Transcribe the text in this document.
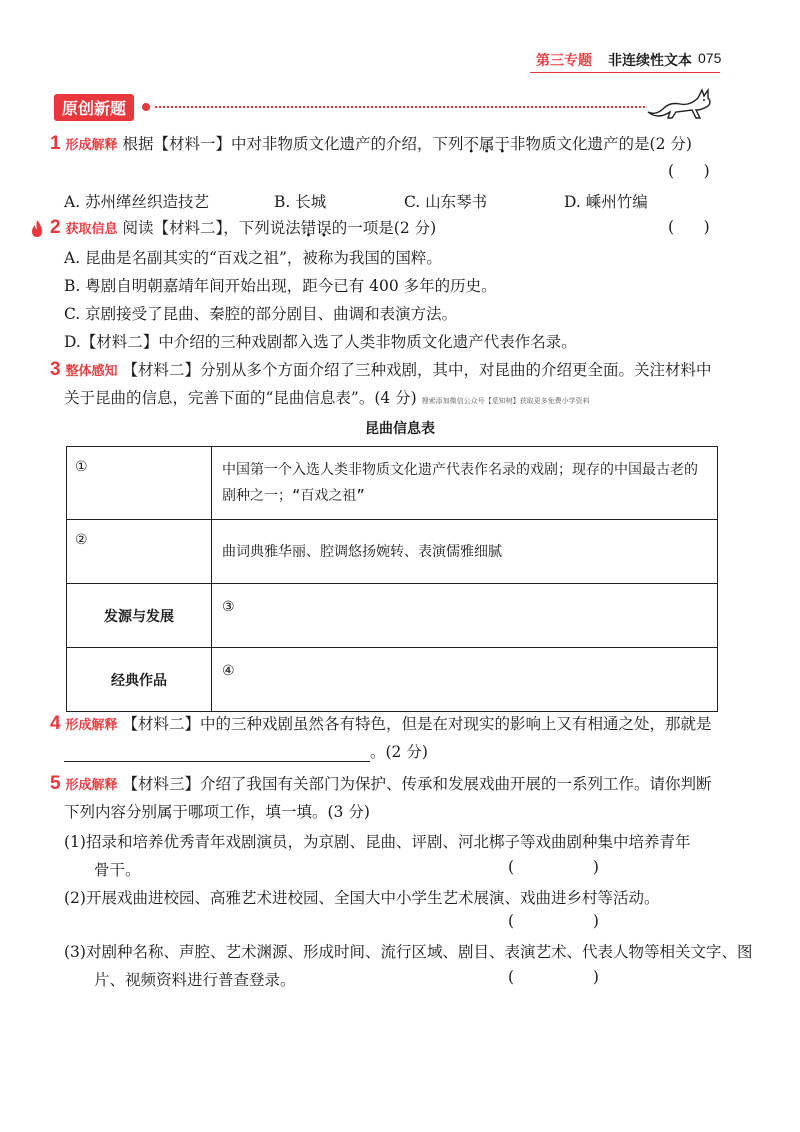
第三专题 非连续性文本 075
原创新题
1 形成解释 根据【材料一】中对非物质文化遗产的介绍，下列不属于非物质文化遗产的是(2 分)
(      )
A. 苏州缂丝织造技艺	B. 长城	C. 山东琴书	D. 嵊州竹编
2 获取信息 阅读【材料二】，下列说法错误的一项是(2 分)	(      )
A. 昆曲是名副其实的“百戏之祖”，被称为我国的国粹。
B. 粤剧自明朝嘉靖年间开始出现，距今已有 400 多年的历史。
C. 京剧接受了昆曲、秦腔的部分剧目、曲调和表演方法。
D.【材料二】中介绍的三种戏剧都入选了人类非物质文化遗产代表作名录。
3 整体感知 【材料二】分别从多个方面介绍了三种戏剧，其中，对昆曲的介绍更全面。关注材料中
关于昆曲的信息，完善下面的“昆曲信息表”。(4 分) 搜索添加微信公众号【觅知树】获取更多免费小学资料
昆曲信息表
①	中国第一个入选人类非物质文化遗产代表作名录的戏剧；现存的中国最古老的剧种之一；“百戏之祖”
②	曲词典雅华丽、腔调悠扬婉转、表演儒雅细腻
发源与发展	③
经典作品	④
4 形成解释 【材料二】中的三种戏剧虽然各有特色，但是在对现实的影响上又有相通之处，那就是
。(2 分)
5 形成解释 【材料三】介绍了我国有关部门为保护、传承和发展戏曲开展的一系列工作。请你判断
下列内容分别属于哪项工作，填一填。(3 分)
(1)招录和培养优秀青年戏剧演员，为京剧、昆曲、评剧、河北梆子等戏曲剧种集中培养青年
骨干。	(                )
(2)开展戏曲进校园、高雅艺术进校园、全国大中小学生艺术展演、戏曲进乡村等活动。
(                )
(3)对剧种名称、声腔、艺术渊源、形成时间、流行区域、剧目、表演艺术、代表人物等相关文字、图
片、视频资料进行普查登录。	(                )
